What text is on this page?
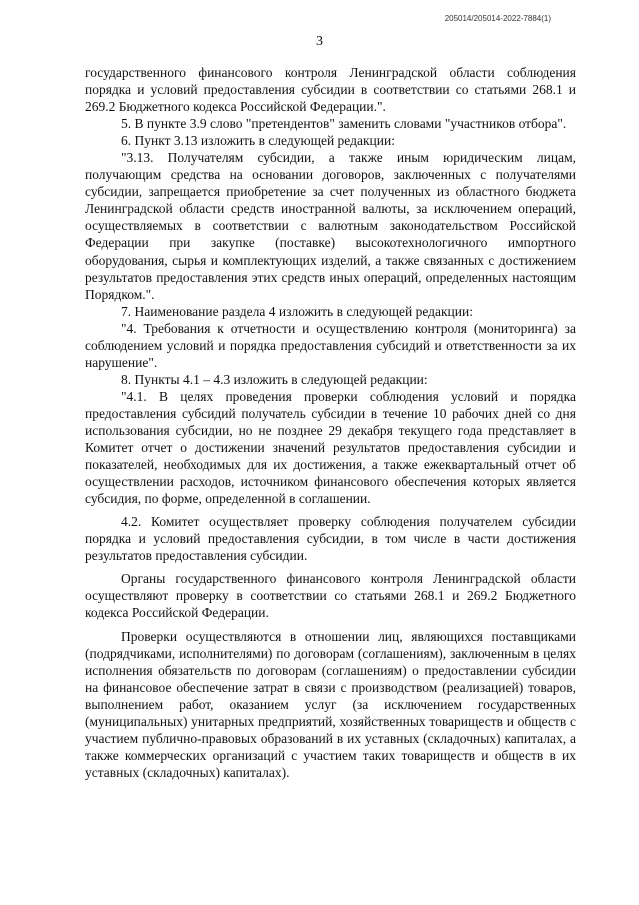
205014/205014-2022-7884(1)
3

государственного финансового контроля Ленинградской области соблюдения порядка и условий предоставления субсидии в соответствии со статьями 268.1 и 269.2 Бюджетного кодекса Российской Федерации.".

5. В пункте 3.9 слово "претендентов" заменить словами "участников отбора".

6. Пункт 3.13 изложить в следующей редакции:

"3.13. Получателям субсидии, а также иным юридическим лицам, получающим средства на основании договоров, заключенных с получателями субсидии, запрещается приобретение за счет полученных из областного бюджета Ленинградской области средств иностранной валюты, за исключением операций, осуществляемых в соответствии с валютным законодательством Российской Федерации при закупке (поставке) высокотехнологичного импортного оборудования, сырья и комплектующих изделий, а также связанных с достижением результатов предоставления этих средств иных операций, определенных настоящим Порядком.".

7. Наименование раздела 4 изложить в следующей редакции:

"4. Требования к отчетности и осуществлению контроля (мониторинга) за соблюдением условий и порядка предоставления субсидий и ответственности за их нарушение".

8. Пункты 4.1 – 4.3 изложить в следующей редакции:

"4.1. В целях проведения проверки соблюдения условий и порядка предоставления субсидий получатель субсидии в течение 10 рабочих дней со дня использования субсидии, но не позднее 29 декабря текущего года представляет в Комитет отчет о достижении значений результатов предоставления субсидии и показателей, необходимых для их достижения, а также ежеквартальный отчет об осуществлении расходов, источником финансового обеспечения которых является субсидия, по форме, определенной в соглашении.

4.2. Комитет осуществляет проверку соблюдения получателем субсидии порядка и условий предоставления субсидии, в том числе в части достижения результатов предоставления субсидии.

Органы государственного финансового контроля Ленинградской области осуществляют проверку в соответствии со статьями 268.1 и 269.2 Бюджетного кодекса Российской Федерации.

Проверки осуществляются в отношении лиц, являющихся поставщиками (подрядчиками, исполнителями) по договорам (соглашениям), заключенным в целях исполнения обязательств по договорам (соглашениям) о предоставлении субсидии на финансовое обеспечение затрат в связи с производством (реализацией) товаров, выполнением работ, оказанием услуг (за исключением государственных (муниципальных) унитарных предприятий, хозяйственных товариществ и обществ с участием публично-правовых образований в их уставных (складочных) капиталах, а также коммерческих организаций с участием таких товариществ и обществ в их уставных (складочных) капиталах).
